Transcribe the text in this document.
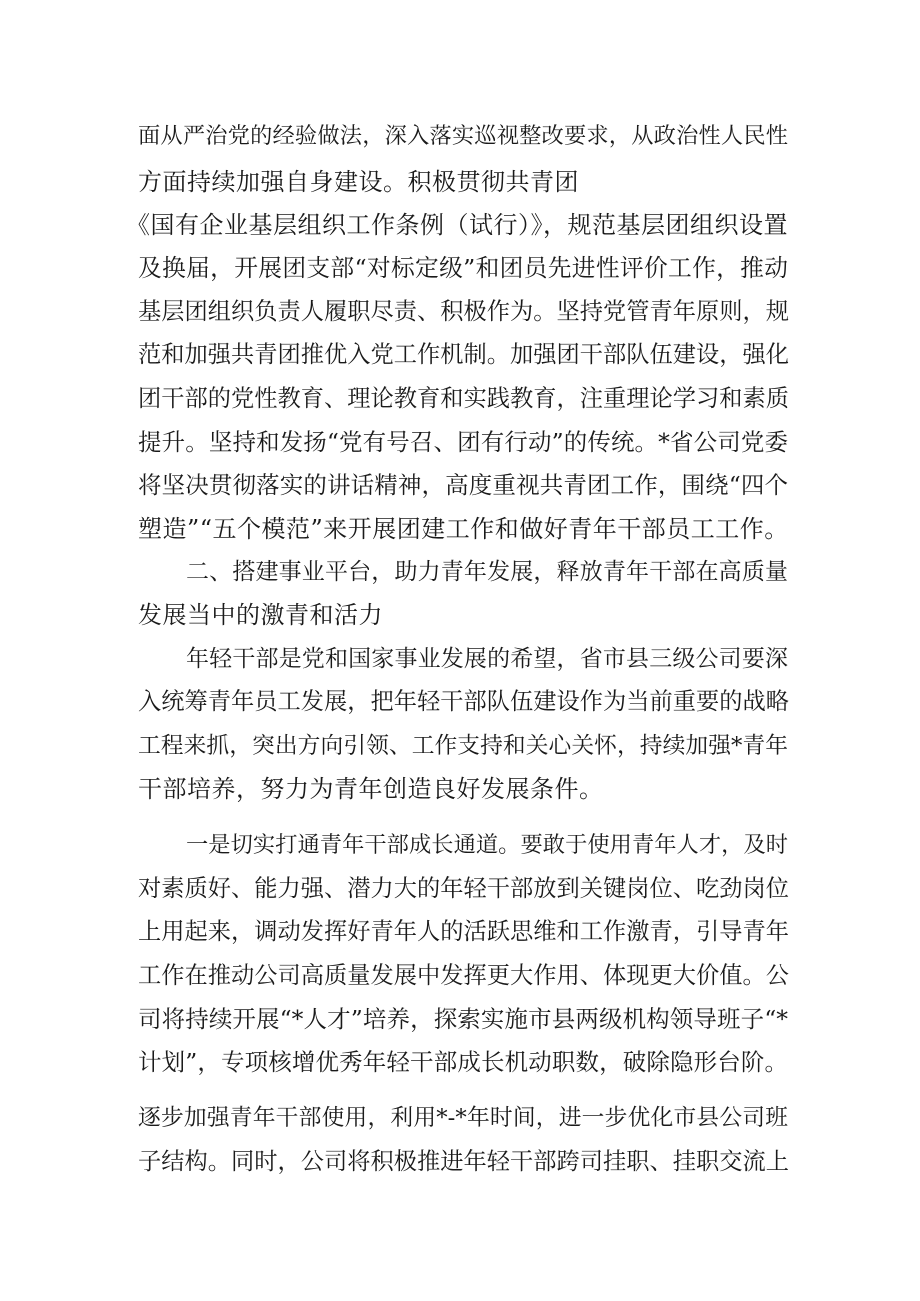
面从严治党的经验做法，深入落实巡视整改要求，从政治性人民性
方面持续加强自身建设。积极贯彻共青团
《国有企业基层组织工作条例（试行）》，规范基层团组织设置
及换届，开展团支部“对标定级”和团员先进性评价工作，推动
基层团组织负责人履职尽责、积极作为。坚持党管青年原则，规
范和加强共青团推优入党工作机制。加强团干部队伍建设，强化
团干部的党性教育、理论教育和实践教育，注重理论学习和素质
提升。坚持和发扬“党有号召、团有行动”的传统。*省公司党委
将坚决贯彻落实的讲话精神，高度重视共青团工作，围绕“四个
塑造”“五个模范”来开展团建工作和做好青年干部员工工作。
二、搭建事业平台，助力青年发展，释放青年干部在高质量
发展当中的激青和活力
年轻干部是党和国家事业发展的希望，省市县三级公司要深
入统筹青年员工发展，把年轻干部队伍建设作为当前重要的战略
工程来抓，突出方向引领、工作支持和关心关怀，持续加强*青年
干部培养，努力为青年创造良好发展条件。
一是切实打通青年干部成长通道。要敢于使用青年人才，及时
对素质好、能力强、潜力大的年轻干部放到关键岗位、吃劲岗位
上用起来，调动发挥好青年人的活跃思维和工作激青，引导青年
工作在推动公司高质量发展中发挥更大作用、体现更大价值。公
司将持续开展“*人才”培养，探索实施市县两级机构领导班子“*
计划”，专项核增优秀年轻干部成长机动职数，破除隐形台阶。
逐步加强青年干部使用，利用*-*年时间，进一步优化市县公司班
子结构。同时，公司将积极推进年轻干部跨司挂职、挂职交流上
